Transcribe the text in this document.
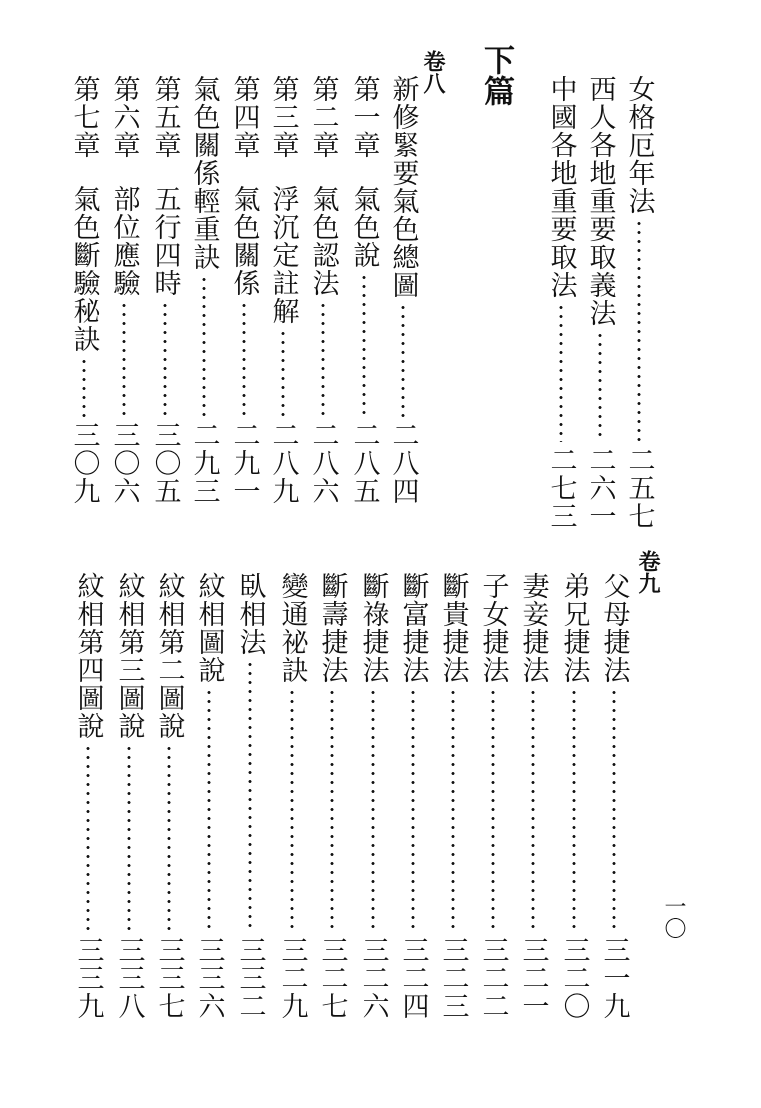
女格厄年法
二五七
西人各地重要取義法
二六一
中國各地重要取法
二七三
下篇
卷八
新修緊要氣色總圖
二八四
第一章
氣色說
二八五
第二章
氣色認法
二八六
第三章
浮沉定註解
二八九
第四章
氣色關係
二九一
氣色關係輕重訣
二九三
第五章
五行四時
三〇五
第六章
部位應驗
三〇六
第七章
氣色斷驗秘訣
三〇九
卷九
父母捷法
三一九
弟兄捷法
三二〇
妻妾捷法
三二一
子女捷法
三二二
斷貴捷法
三二三
斷富捷法
三二四
斷祿捷法
三二六
斷壽捷法
三二七
變通祕訣
三二九
臥相法
三三二
紋相圖說
三三六
紋相第二圖說
三三七
紋相第三圖說
三三八
紋相第四圖說
三三九
一〇
